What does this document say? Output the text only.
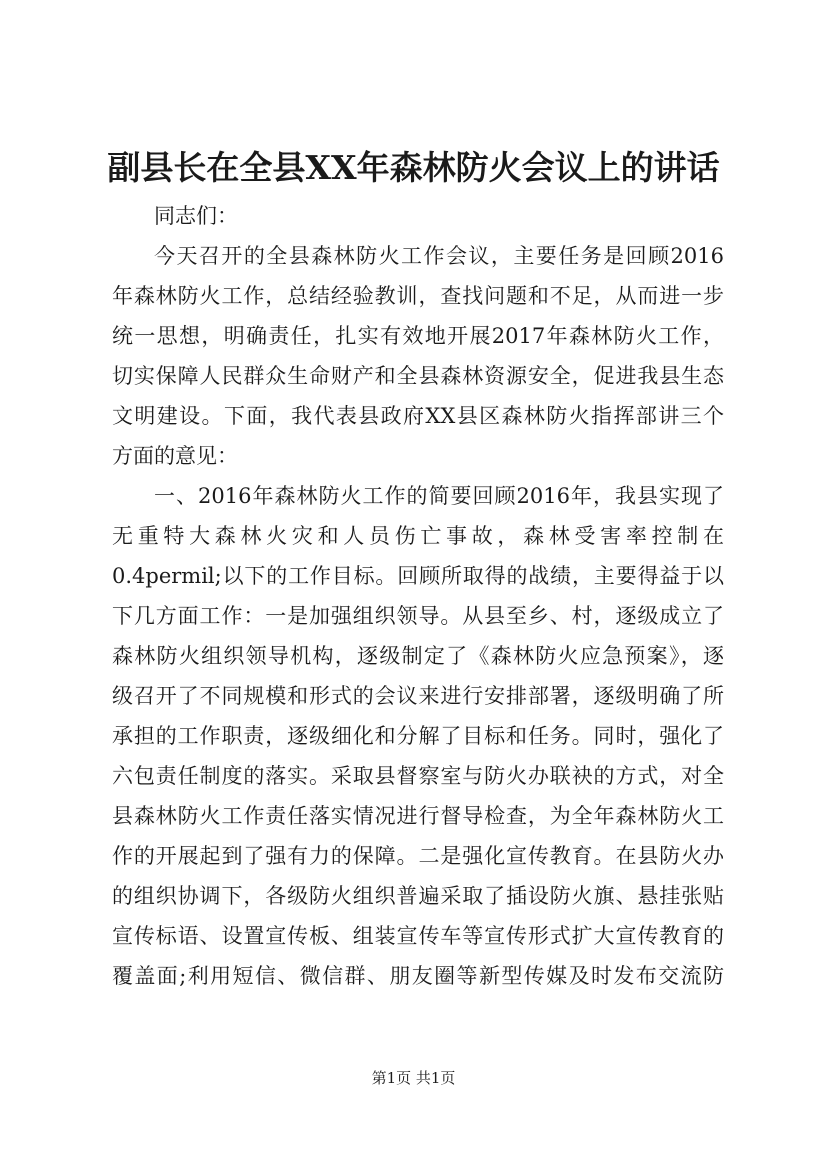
副县长在全县XX年森林防火会议上的讲话
同志们：
今天召开的全县森林防火工作会议，主要任务是回顾2016
年森林防火工作，总结经验教训，查找问题和不足，从而进一步
统一思想，明确责任，扎实有效地开展2017年森林防火工作，
切实保障人民群众生命财产和全县森林资源安全，促进我县生态
文明建设。下面，我代表县政府XX县区森林防火指挥部讲三个
方面的意见：
一、2016年森林防火工作的简要回顾2016年，我县实现了
无重特大森林火灾和人员伤亡事故，森林受害率控制在
0.4permil;以下的工作目标。回顾所取得的战绩，主要得益于以
下几方面工作：一是加强组织领导。从县至乡、村，逐级成立了
森林防火组织领导机构，逐级制定了《森林防火应急预案》，逐
级召开了不同规模和形式的会议来进行安排部署，逐级明确了所
承担的工作职责，逐级细化和分解了目标和任务。同时，强化了
六包责任制度的落实。采取县督察室与防火办联袂的方式，对全
县森林防火工作责任落实情况进行督导检查，为全年森林防火工
作的开展起到了强有力的保障。二是强化宣传教育。在县防火办
的组织协调下，各级防火组织普遍采取了插设防火旗、悬挂张贴
宣传标语、设置宣传板、组装宣传车等宣传形式扩大宣传教育的
覆盖面;利用短信、微信群、朋友圈等新型传媒及时发布交流防
第1页 共1页
